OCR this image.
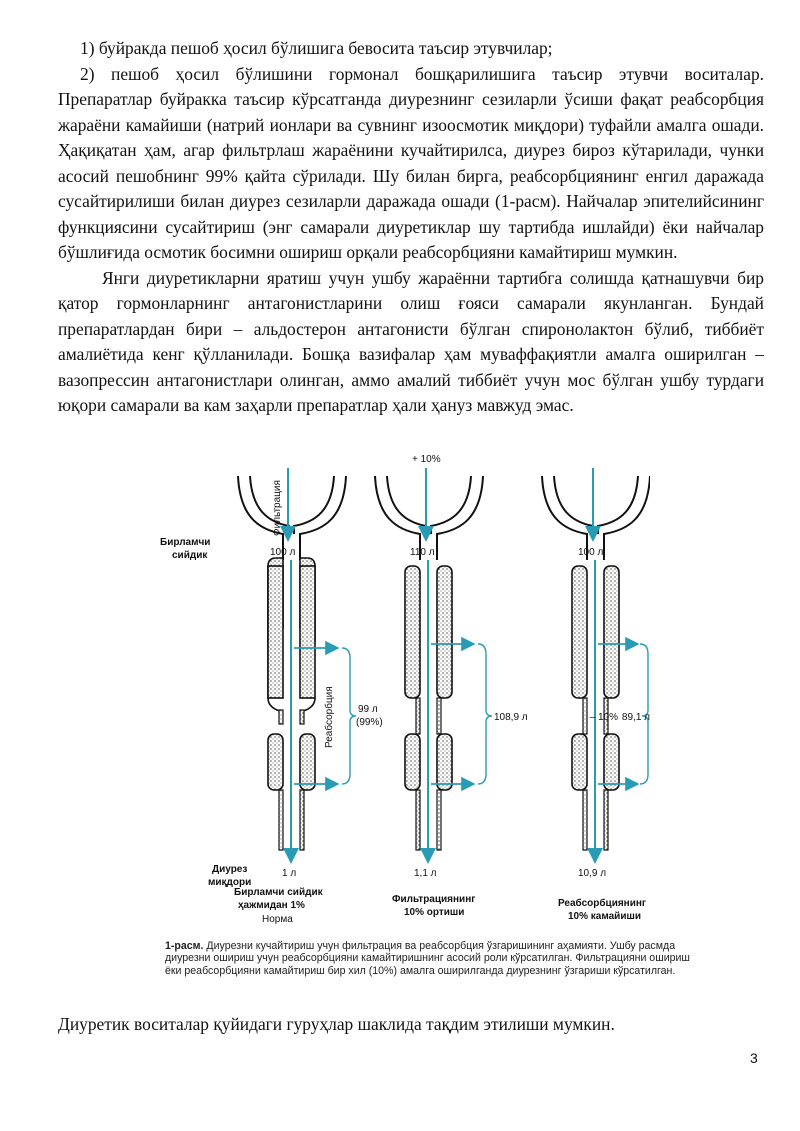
1) буйракда пешоб ҳосил бўлишига бевосита таъсир этувчилар;

2) пешоб ҳосил бўлишини гормонал бошқарилишига таъсир этувчи воситалар. Препаратлар буйракка таъсир кўрсатганда диурезнинг сезиларли ўсиши фақат реабсорбция жараёни камайиши (натрий ионлари ва сувнинг изоосмотик миқдори) туфайли амалга ошади. Ҳақиқатан ҳам, агар фильтрлаш жараёнини кучайтирилса, диурез бироз кўтарилади, чунки асосий пешобнинг 99% қайта сўрилади. Шу билан бирга, реабсорбциянинг енгил даражада сусайтирилиши билан диурез сезиларли даражада ошади (1-расм). Найчалар эпителийсининг функциясини сусайтириш (энг самарали диуретиклар шу тартибда ишлайди) ёки найчалар бўшлиғида осмотик босимни ошириш орқали реабсорбцияни камайтириш мумкин.

Янги диуретикларни яратиш учун ушбу жараённи тартибга солишда қатнашувчи бир қатор гормонларнинг антагонистларини олиш ғояси самарали якунланган. Бундай препаратлардан бири – альдостерон антагонисти бўлган спиронолактон бўлиб, тиббиёт амалиётида кенг қўлланилади. Бошқа вазифалар ҳам муваффақиятли амалга оширилган – вазопрессин антагонистлари олинган, аммо амалий тиббиёт учун мос бўлган ушбу турдаги юқори самарали ва кам заҳарли препаратлар ҳали ҳануз мавжуд эмас.

Бирламчи
сийдик
Диурез
миқдори
Фильтрация
Реабсорбция
100 л
99 л
(99%)
1 л
Бирламчи сийдик
ҳажмидан 1%
Норма
+ 10%
110 л
108,9 л
1,1 л
Фильтрациянинг
10% ортиши
– 10%
100 л
89,1 л
10,9 л
Реабсорбциянинг
10% камайиши
1-расм. Диурезни кучайтириш учун фильтрация ва реабсорбция ўзгаришининг аҳамияти. Ушбу расмда диурезни ошириш учун реабсорбцияни камайтиришнинг асосий роли кўрсатилган. Фильтрацияни ошириш ёки реабсорбцияни камайтириш бир хил (10%) амалга оширилганда диурезнинг ўзгариши кўрсатилган.
Диуретик воситалар қуйидаги гуруҳлар шаклида тақдим этилиши мумкин.
3
